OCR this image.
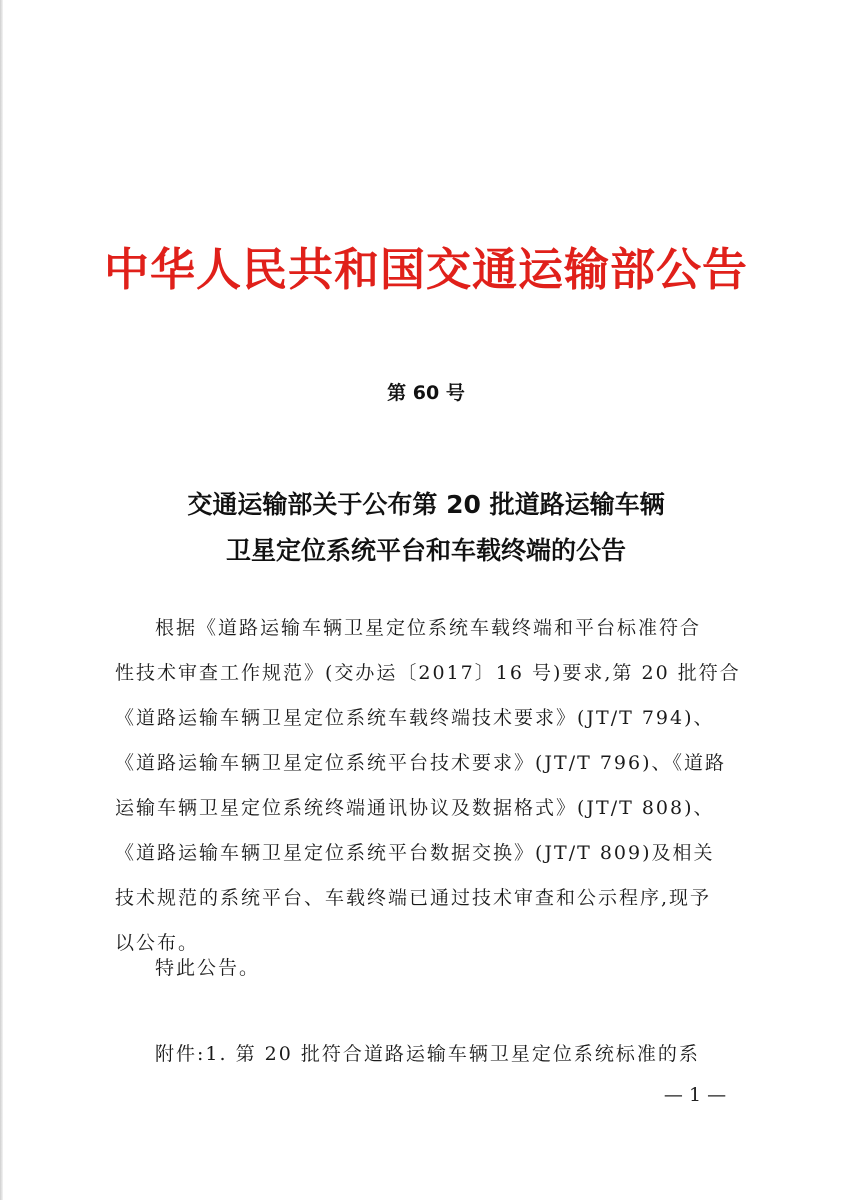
中华人民共和国交通运输部公告
第 60 号
交通运输部关于公布第 20 批道路运输车辆
卫星定位系统平台和车载终端的公告
根据《道路运输车辆卫星定位系统车载终端和平台标准符合
性技术审查工作规范》(交办运〔2017〕16 号)要求,第 20 批符合
《道路运输车辆卫星定位系统车载终端技术要求》(JT/T 794)、
《道路运输车辆卫星定位系统平台技术要求》(JT/T 796)、《道路
运输车辆卫星定位系统终端通讯协议及数据格式》(JT/T 808)、
《道路运输车辆卫星定位系统平台数据交换》(JT/T 809)及相关
技术规范的系统平台、车载终端已通过技术审查和公示程序,现予
以公布。
特此公告。
附件:1. 第 20 批符合道路运输车辆卫星定位系统标准的系
— 1 —
